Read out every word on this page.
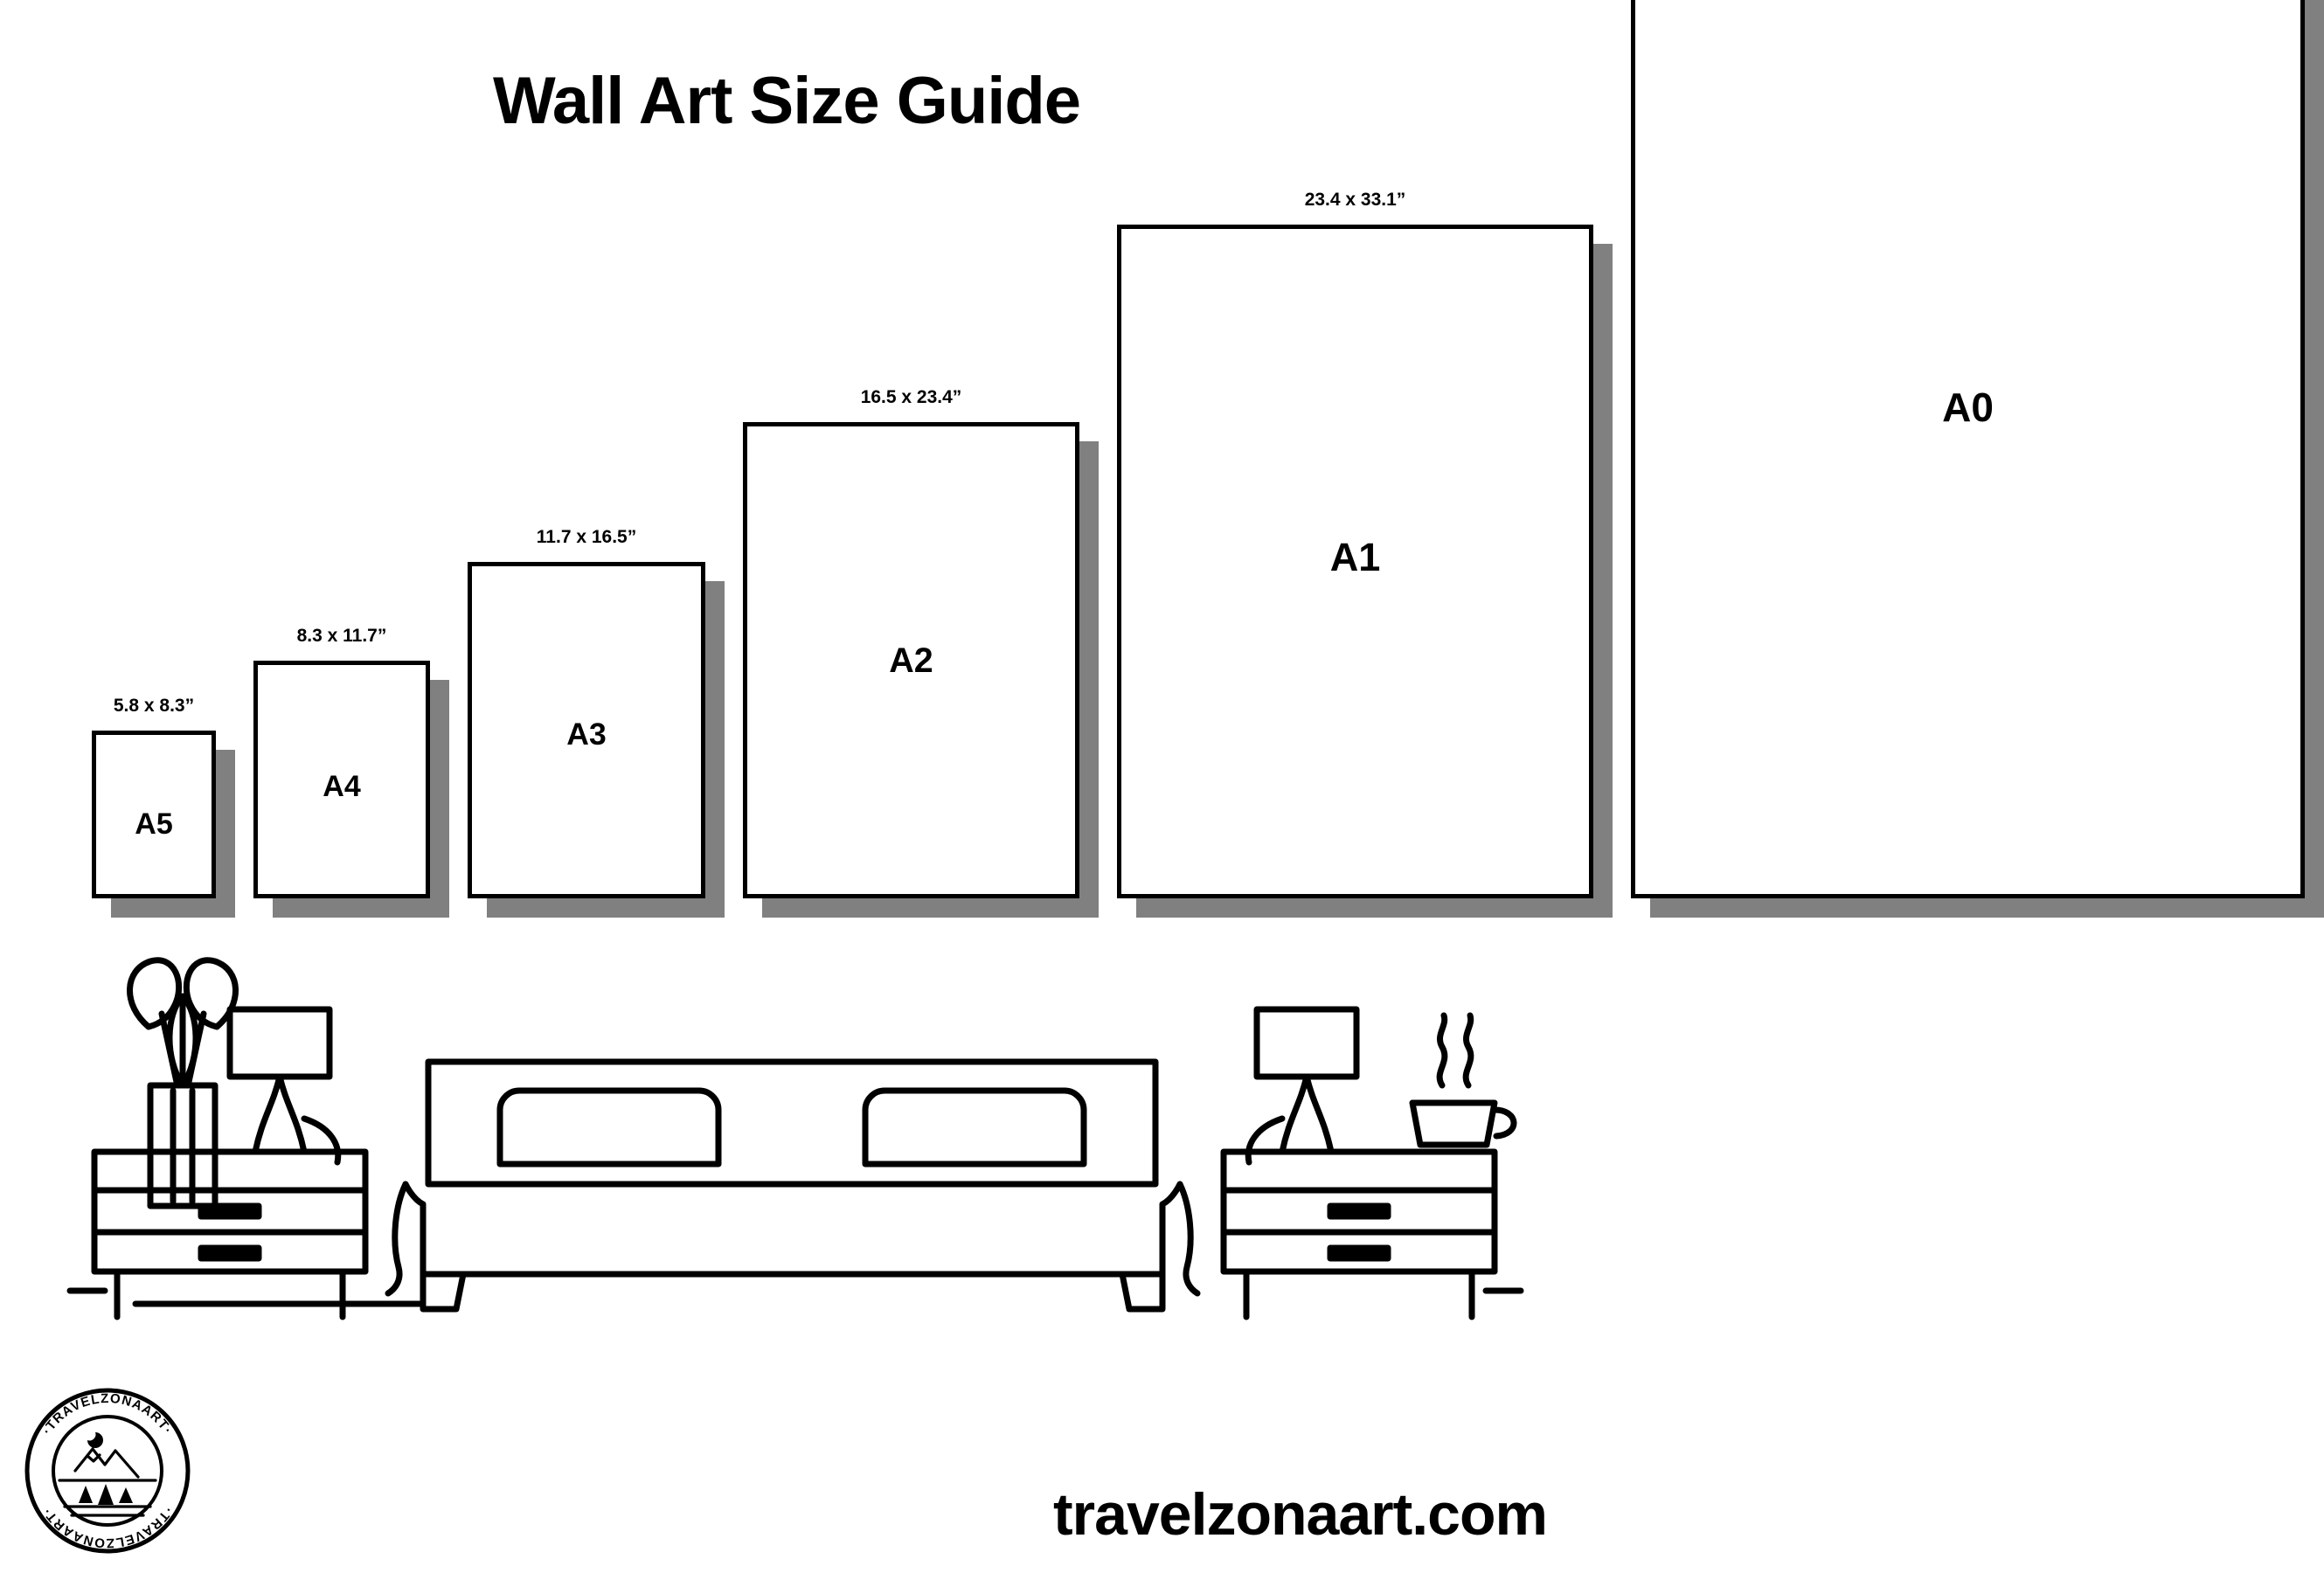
Wall Art Size Guide
5.8 x 8.3”
A5
8.3 x 11.7”
A4
11.7 x 16.5”
A3
16.5 x 23.4”
A2
23.4 x 33.1”
A1
A0
·TRAVELZONAART·
·TRAVELZONAART·	travelzonaart.com
